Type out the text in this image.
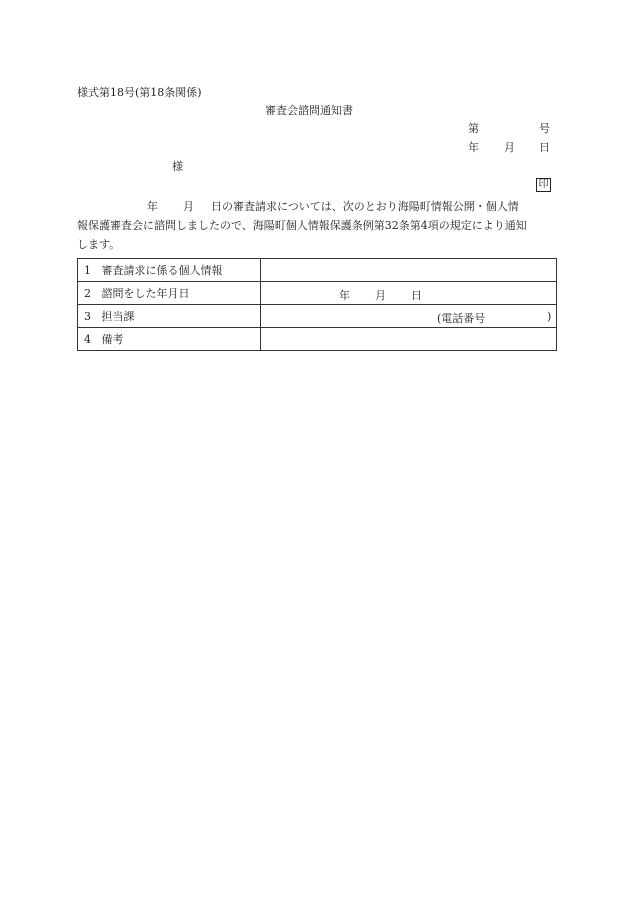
様式第18号(第18条関係)
審査会諮問通知書
第	号
年 月 日
様
印
年 月 日の審査請求については、次のとおり海陽町情報公開・個人情
報保護審査会に諮問しましたので、海陽町個人情報保護条例第32条第4項の規定により通知
します。
1 審査請求に係る個人情報	
2 諮問をした年月日	年 月 日

3 担当課	(電話番号 )

4 備考	
